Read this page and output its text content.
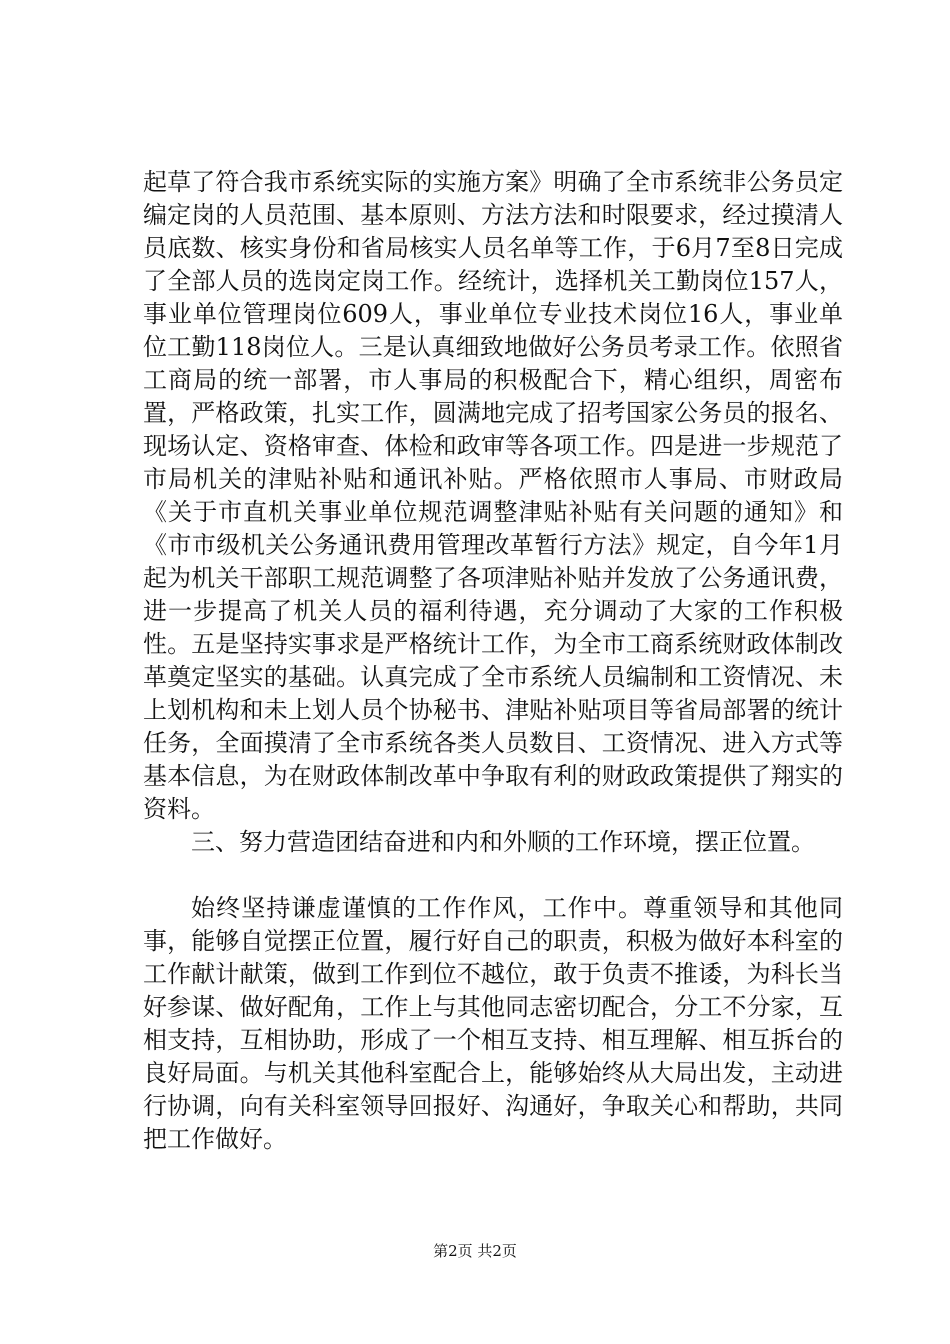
起草了符合我市系统实际的实施方案》明确了全市系统非公务员定编定岗的人员范围、基本原则、方法方法和时限要求，经过摸清人员底数、核实身份和省局核实人员名单等工作，于6月7至8日完成了全部人员的选岗定岗工作。经统计，选择机关工勤岗位157人，事业单位管理岗位609人，事业单位专业技术岗位16人，事业单位工勤118岗位人。三是认真细致地做好公务员考录工作。依照省工商局的统一部署，市人事局的积极配合下，精心组织，周密布置，严格政策，扎实工作，圆满地完成了招考国家公务员的报名、现场认定、资格审查、体检和政审等各项工作。四是进一步规范了市局机关的津贴补贴和通讯补贴。严格依照市人事局、市财政局《关于市直机关事业单位规范调整津贴补贴有关问题的通知》和《市市级机关公务通讯费用管理改革暂行方法》规定，自今年1月起为机关干部职工规范调整了各项津贴补贴并发放了公务通讯费，进一步提高了机关人员的福利待遇，充分调动了大家的工作积极性。五是坚持实事求是严格统计工作，为全市工商系统财政体制改革奠定坚实的基础。认真完成了全市系统人员编制和工资情况、未上划机构和未上划人员个协秘书、津贴补贴项目等省局部署的统计任务，全面摸清了全市系统各类人员数目、工资情况、进入方式等基本信息，为在财政体制改革中争取有利的财政政策提供了翔实的资料。

三、努力营造团结奋进和内和外顺的工作环境，摆正位置。

始终坚持谦虚谨慎的工作作风，工作中。尊重领导和其他同事，能够自觉摆正位置，履行好自己的职责，积极为做好本科室的工作献计献策，做到工作到位不越位，敢于负责不推诿，为科长当好参谋、做好配角，工作上与其他同志密切配合，分工不分家，互相支持，互相协助，形成了一个相互支持、相互理解、相互拆台的良好局面。与机关其他科室配合上，能够始终从大局出发，主动进行协调，向有关科室领导回报好、沟通好，争取关心和帮助，共同把工作做好。

第2页 共2页
